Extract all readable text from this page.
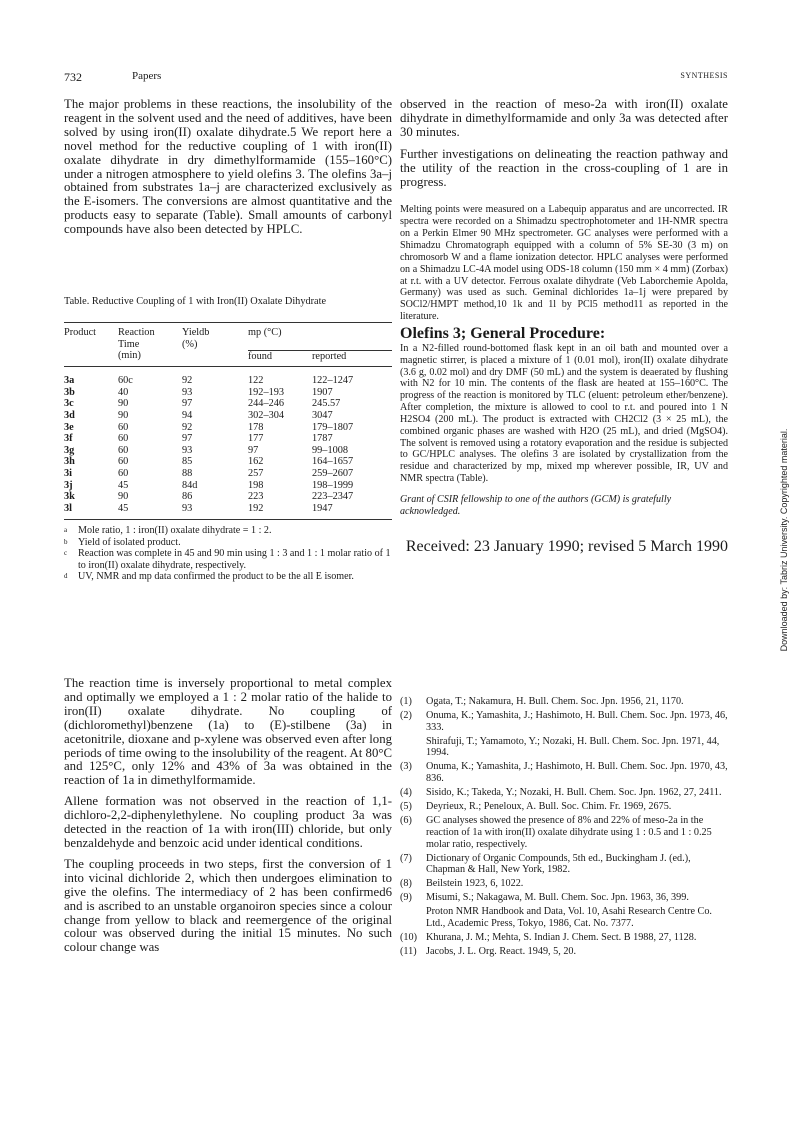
732	Papers	SYNTHESIS
Downloaded by: Tabriz University. Copyrighted material.

The major problems in these reactions, the insolubility of the reagent in the solvent used and the need of additives, have been solved by using iron(II) oxalate dihydrate.5 We report here a novel method for the reductive coupling of 1 with iron(II) oxalate dihydrate in dry dimethylformamide (155–160°C) under a nitrogen atmosphere to yield olefins 3. The olefins 3a–j obtained from substrates 1a–j are characterized exclusively as the E-isomers. The conversions are almost quantitative and the products easy to separate (Table). Small amounts of carbonyl compounds have also been detected by HPLC.

Table. Reductive Coupling of 1 with Iron(II) Oxalate Dihydrate
Product	Reaction	Yieldb	mp (°C)	
	Time	(%)		
	(min)		found	reported

3a	60c	92	122	122–1247
3b	40	93	192–193	1907
3c	90	97	244–246	245.57
3d	90	94	302–304	3047
3e	60	92	178	179–1807
3f	60	97	177	1787
3g	60	93	97	99–1008
3h	60	85	162	164–1657
3i	60	88	257	259–2607
3j	45	84d	198	198–1999
3k	90	86	223	223–2347
3l	45	93	192	1947

a	Mole ratio, 1 : iron(II) oxalate dihydrate = 1 : 2.
b	Yield of isolated product.
c	Reaction was complete in 45 and 90 min using 1 : 3 and 1 : 1 molar ratio of 1 to iron(II) oxalate dihydrate, respectively.
d	UV, NMR and mp data confirmed the product to be the all E isomer.

The reaction time is inversely proportional to metal complex and optimally we employed a 1 : 2 molar ratio of the halide to iron(II) oxalate dihydrate. No coupling of (dichloromethyl)benzene (1a) to (E)-stilbene (3a) in acetonitrile, dioxane and p-xylene was observed even after long periods of time owing to the insolubility of the reagent. At 80°C and 125°C, only 12% and 43% of 3a was obtained in the reaction of 1a in dimethylformamide.

Allene formation was not observed in the reaction of 1,1-dichloro-2,2-diphenylethylene. No coupling product 3a was detected in the reaction of 1a with iron(III) chloride, but only benzaldehyde and benzoic acid under identical conditions.

The coupling proceeds in two steps, first the conversion of 1 into vicinal dichloride 2, which then undergoes elimination to give the olefins. The intermediacy of 2 has been confirmed6 and is ascribed to an unstable organoiron species since a colour change from yellow to black and reemergence of the original colour was observed during the initial 15 minutes. No such colour change was

observed in the reaction of meso-2a with iron(II) oxalate dihydrate in dimethylformamide and only 3a was detected after 30 minutes.

Further investigations on delineating the reaction pathway and the utility of the reaction in the cross-coupling of 1 are in progress.

Melting points were measured on a Labequip apparatus and are uncorrected. IR spectra were recorded on a Shimadzu spectrophotometer and 1H-NMR spectra on a Perkin Elmer 90 MHz spectrometer. GC analyses were performed with a Shimadzu Chromatograph equipped with a column of 5% SE-30 (3 m) on chromosorb W and a flame ionization detector. HPLC analyses were performed on a Shimadzu LC-4A model using ODS-18 column (150 mm × 4 mm) (Zorbax) at r.t. with a UV detector. Ferrous oxalate dihydrate (Veb Laborchemie Apolda, Germany) was used as such. Geminal dichlorides 1a–1j were prepared by SOCl2/HMPT method,10 1k and 1l by PCl5 method11 as reported in the literature.

Olefins 3; General Procedure:

In a N2-filled round-bottomed flask kept in an oil bath and mounted over a magnetic stirrer, is placed a mixture of 1 (0.01 mol), iron(II) oxalate dihydrate (3.6 g, 0.02 mol) and dry DMF (50 mL) and the system is deaerated by flushing with N2 for 10 min. The contents of the flask are heated at 155–160°C. The progress of the reaction is monitored by TLC (eluent: petroleum ether/benzene). After completion, the mixture is allowed to cool to r.t. and poured into 1 N H2SO4 (200 mL). The product is extracted with CH2Cl2 (3 × 25 mL), the combined organic phases are washed with H2O (25 mL), and dried (MgSO4). The solvent is removed using a rotatory evaporation and the residue is subjected to GC/HPLC analyses. The olefins 3 are isolated by crystallization from the residue and characterized by mp, mixed mp wherever possible, IR, UV and NMR spectra (Table).

Grant of CSIR fellowship to one of the authors (GCM) is gratefully acknowledged.

Received: 23 January 1990; revised 5 March 1990
(1)	Ogata, T.; Nakamura, H. Bull. Chem. Soc. Jpn. 1956, 21, 1170.
(2)	Onuma, K.; Yamashita, J.; Hashimoto, H. Bull. Chem. Soc. Jpn. 1973, 46, 333.
Shirafuji, T.; Yamamoto, Y.; Nozaki, H. Bull. Chem. Soc. Jpn. 1971, 44, 1994.
(3)	Onuma, K.; Yamashita, J.; Hashimoto, H. Bull. Chem. Soc. Jpn. 1970, 43, 836.
(4)	Sisido, K.; Takeda, Y.; Nozaki, H. Bull. Chem. Soc. Jpn. 1962, 27, 2411.
(5)	Deyrieux, R.; Peneloux, A. Bull. Soc. Chim. Fr. 1969, 2675.
(6)	GC analyses showed the presence of 8% and 22% of meso-2a in the reaction of 1a with iron(II) oxalate dihydrate using 1 : 0.5 and 1 : 0.25 molar ratio, respectively.
(7)	Dictionary of Organic Compounds, 5th ed., Buckingham J. (ed.), Chapman & Hall, New York, 1982.
(8)	Beilstein 1923, 6, 1022.
(9)	Misumi, S.; Nakagawa, M. Bull. Chem. Soc. Jpn. 1963, 36, 399.
Proton NMR Handbook and Data, Vol. 10, Asahi Research Centre Co. Ltd., Academic Press, Tokyo, 1986, Cat. No. 7377.
(10) Khurana, J. M.; Mehta, S. Indian J. Chem. Sect. B 1988, 27, 1128.
(11) Jacobs, J. L. Org. React. 1949, 5, 20.
